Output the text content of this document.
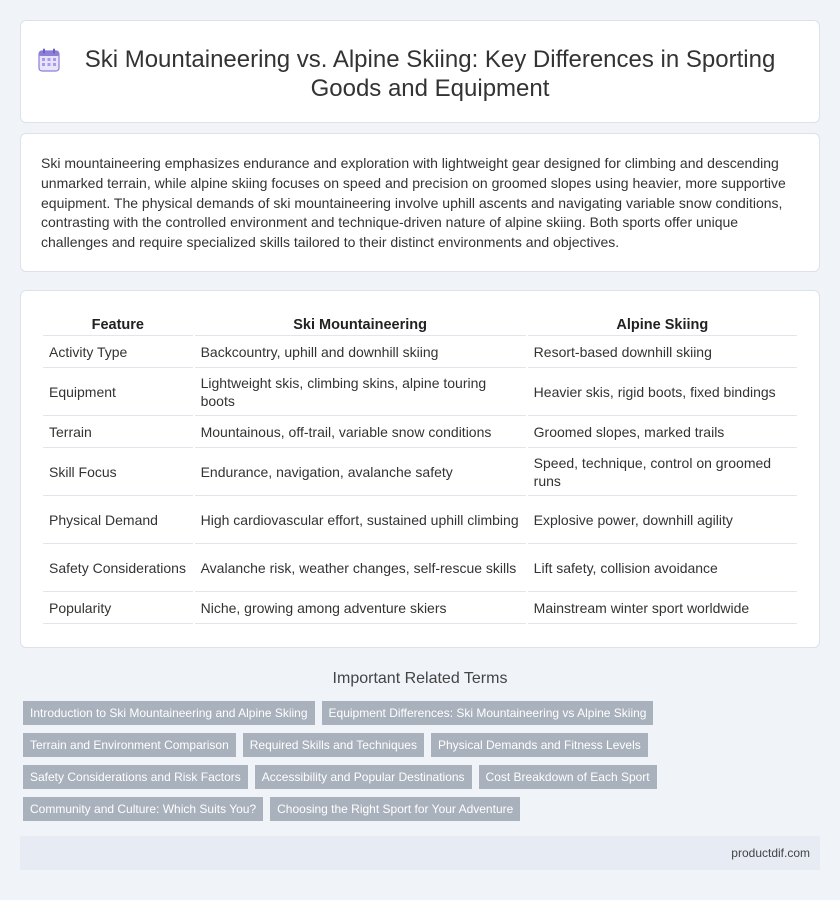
Ski Mountaineering vs. Alpine Skiing: Key Differences in Sporting Goods and Equipment

Ski mountaineering emphasizes endurance and exploration with lightweight gear designed for climbing and descending unmarked terrain, while alpine skiing focuses on speed and precision on groomed slopes using heavier, more supportive equipment. The physical demands of ski mountaineering involve uphill ascents and navigating variable snow conditions, contrasting with the controlled environment and technique-driven nature of alpine skiing. Both sports offer unique challenges and require specialized skills tailored to their distinct environments and objectives.

Feature	Ski Mountaineering	Alpine Skiing
Activity Type	Backcountry, uphill and downhill skiing	Resort-based downhill skiing
Equipment	Lightweight skis, climbing skins, alpine touring boots	Heavier skis, rigid boots, fixed bindings
Terrain	Mountainous, off-trail, variable snow conditions	Groomed slopes, marked trails
Skill Focus	Endurance, navigation, avalanche safety	Speed, technique, control on groomed runs
Physical Demand	High cardiovascular effort, sustained uphill climbing	Explosive power, downhill agility
Safety Considerations	Avalanche risk, weather changes, self-rescue skills	Lift safety, collision avoidance
Popularity	Niche, growing among adventure skiers	Mainstream winter sport worldwide
Important Related Terms
Introduction to Ski Mountaineering and Alpine Skiing	Equipment Differences: Ski Mountaineering vs Alpine Skiing
Terrain and Environment Comparison	Required Skills and Techniques	Physical Demands and Fitness Levels
Safety Considerations and Risk Factors	Accessibility and Popular Destinations	Cost Breakdown of Each Sport
Community and Culture: Which Suits You?	Choosing the Right Sport for Your Adventure
productdif.com
